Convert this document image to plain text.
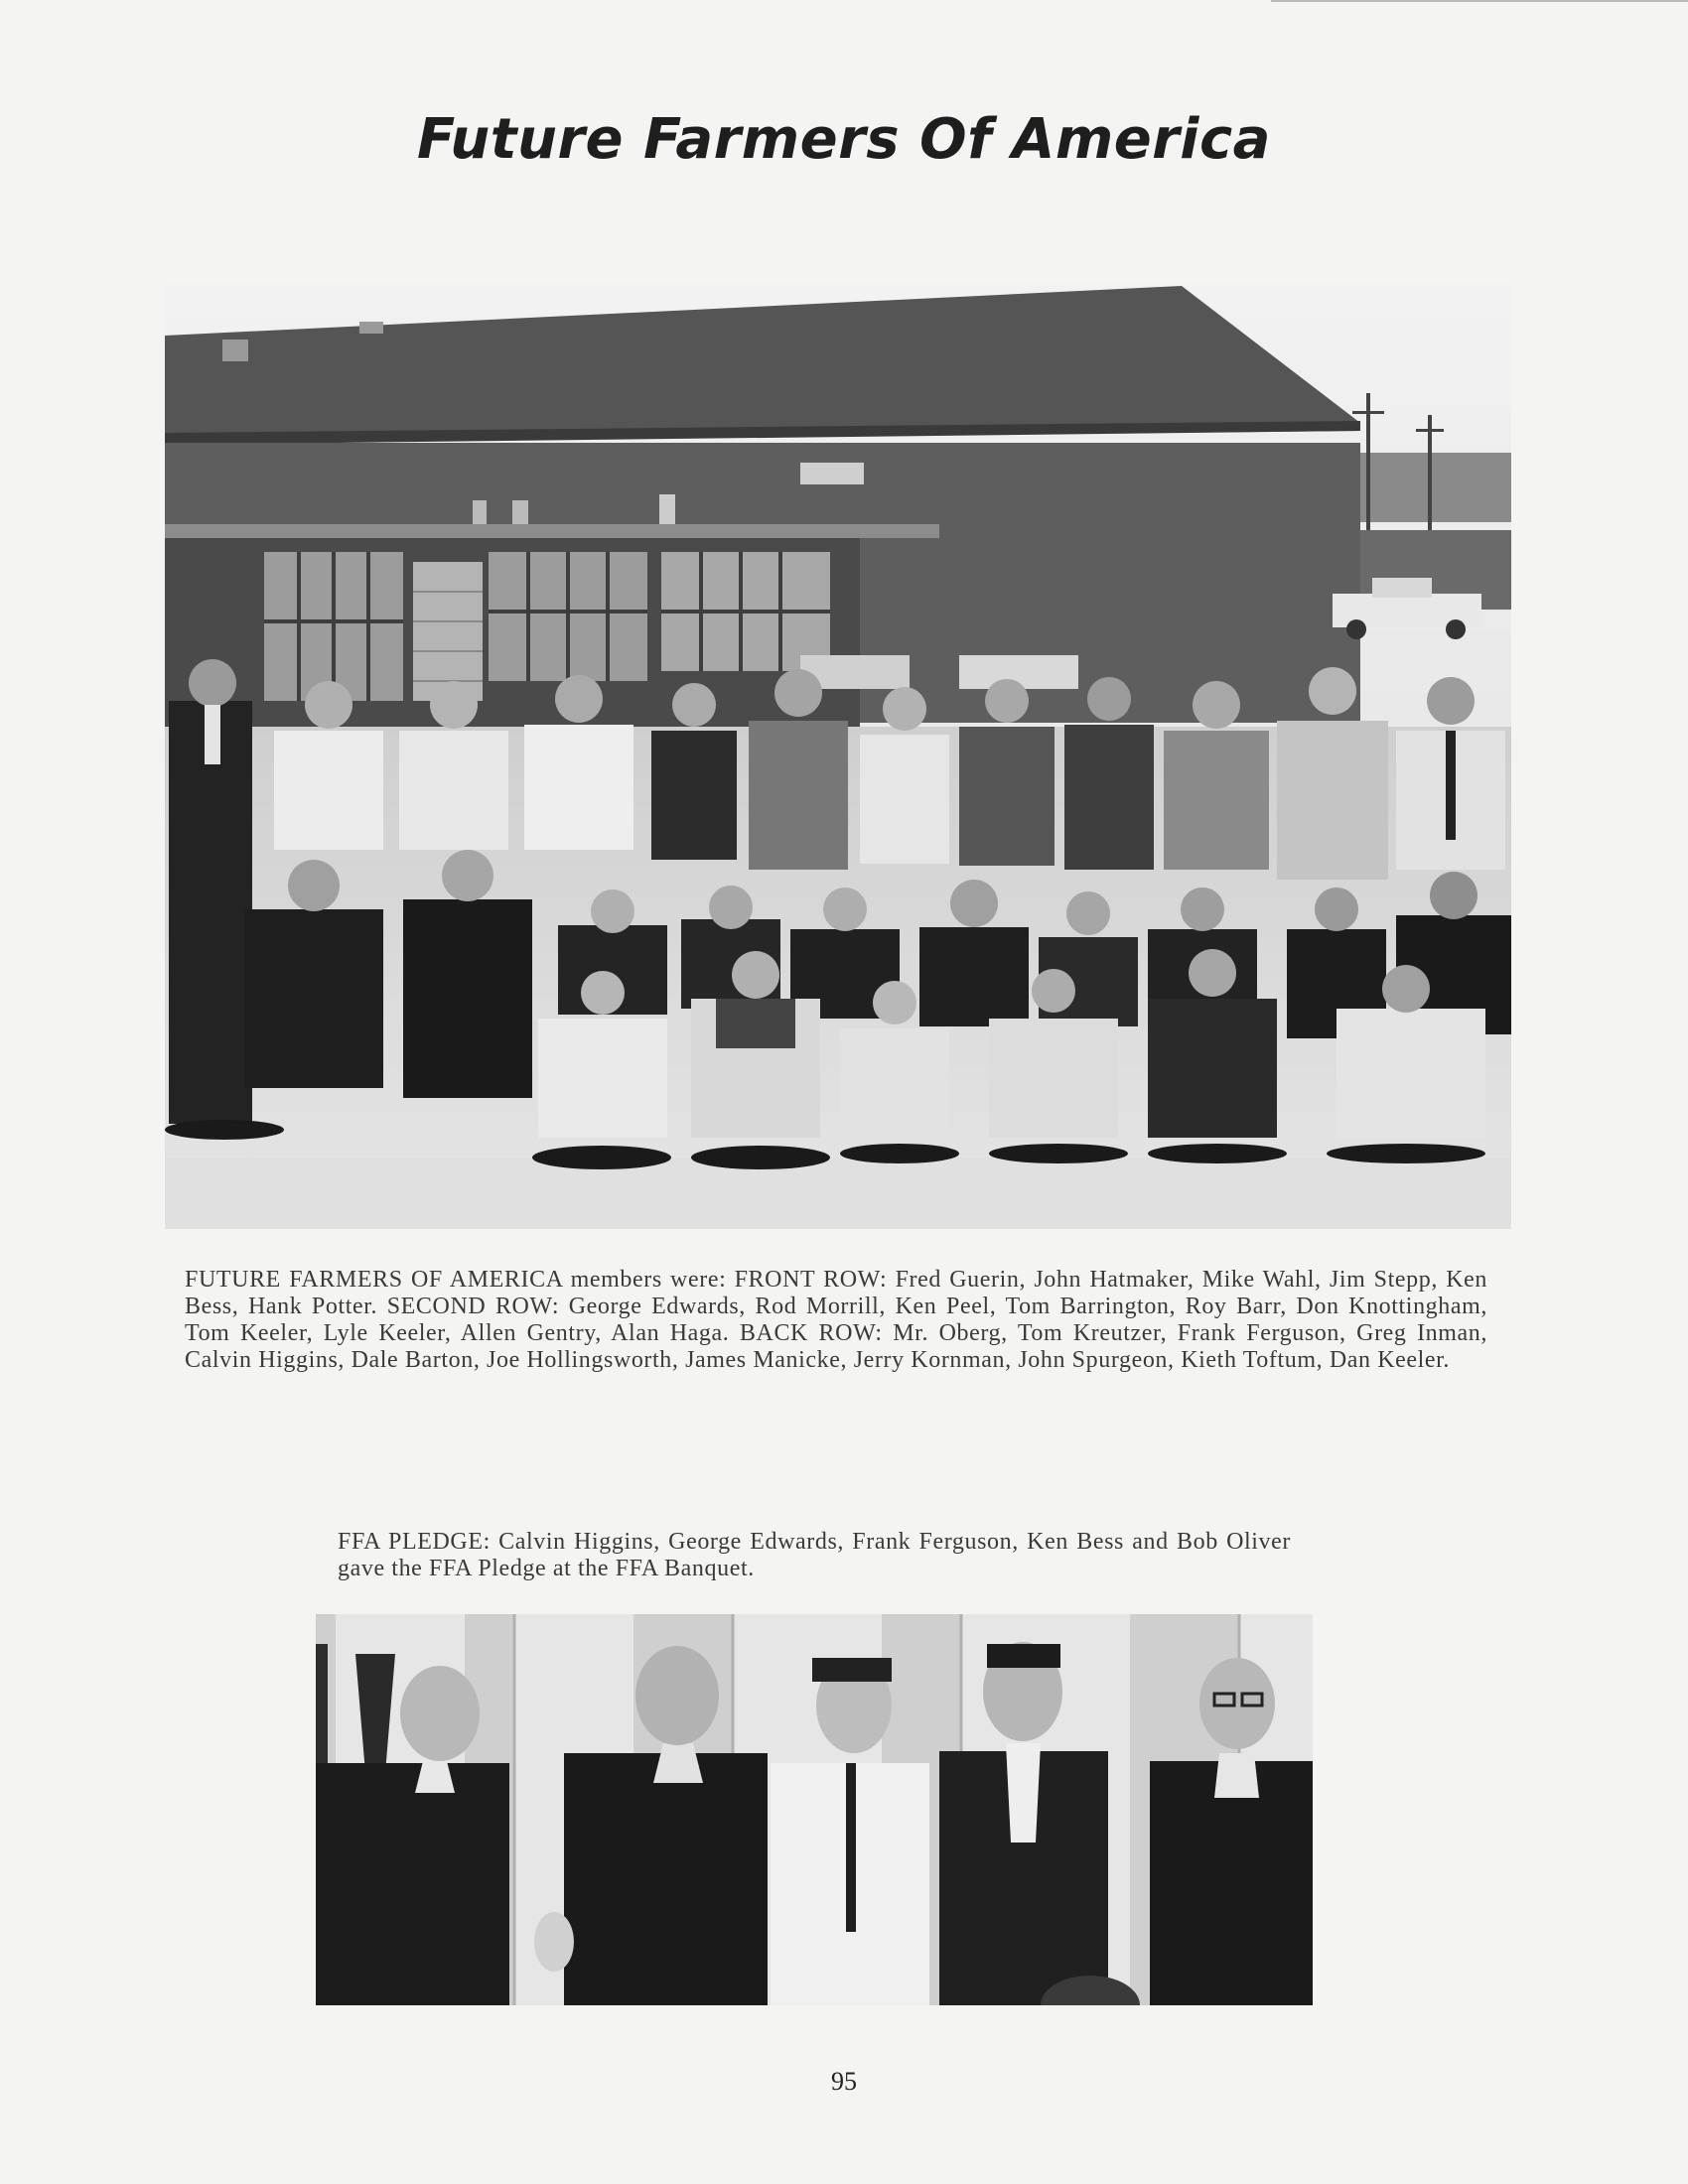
Future Farmers Of America

FUTURE FARMERS OF AMERICA members were: FRONT ROW: Fred Guerin, John Hatmaker, Mike Wahl, Jim Stepp, Ken Bess, Hank Potter. SECOND ROW: George Edwards, Rod Morrill, Ken Peel, Tom Barrington, Roy Barr, Don Knottingham, Tom Keeler, Lyle Keeler, Allen Gentry, Alan Haga. BACK ROW: Mr. Oberg, Tom Kreutzer, Frank Ferguson, Greg Inman, Calvin Higgins, Dale Barton, Joe Hollingsworth, James Manicke, Jerry Kornman, John Spurgeon, Kieth Toftum, Dan Keeler.

FFA PLEDGE: Calvin Higgins, George Edwards, Frank Ferguson, Ken Bess and Bob Oliver gave the FFA Pledge at the FFA Banquet.

95
